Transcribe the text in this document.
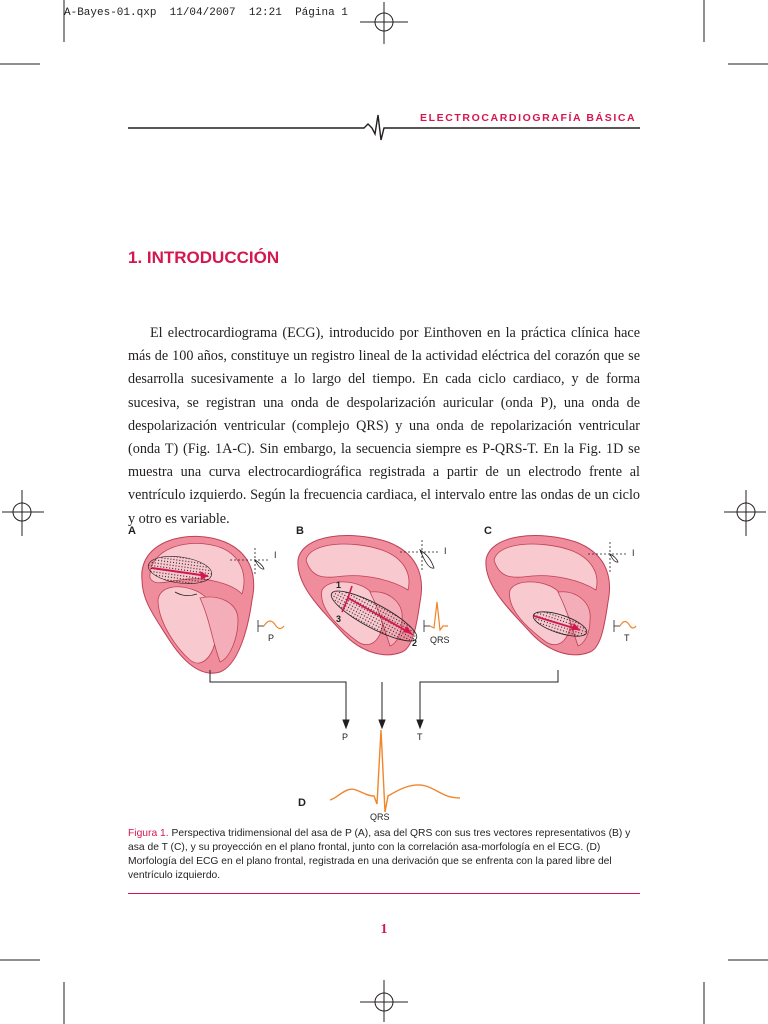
A-Bayes-01.qxp 11/04/2007 12:21 Página 1
ELECTROCARDIOGRAFÍA BÁSICA
1. INTRODUCCIÓN

El electrocardiograma (ECG), introducido por Einthoven en la práctica clínica hace más de 100 años, constituye un registro lineal de la actividad eléctrica del corazón que se desarrolla sucesivamente a lo largo del tiempo. En cada ciclo cardiaco, y de forma sucesiva, se registran una onda de despolarización auricular (onda P), una onda de despolarización ventricular (complejo QRS) y una onda de repolarización ventricular (onda T) (Fig. 1A-C). Sin embargo, la secuencia siempre es P-QRS-T. En la Fig. 1D se muestra una curva electrocardiográfica registrada a partir de un electrodo frente al ventrículo izquierdo. Según la frecuencia cardiaca, el intervalo entre las ondas de un ciclo y otro es variable.

A
I
P
B
1
2
3
I
QRS
C
I
T
D
P	T
QRS

Figura 1. Perspectiva tridimensional del asa de P (A), asa del QRS con sus tres vectores representativos (B) y asa de T (C), y su proyección en el plano frontal, junto con la correlación asa-morfología en el ECG. (D) Morfología del ECG en el plano frontal, registrada en una derivación que se enfrenta con la pared libre del ventrículo izquierdo.

1
